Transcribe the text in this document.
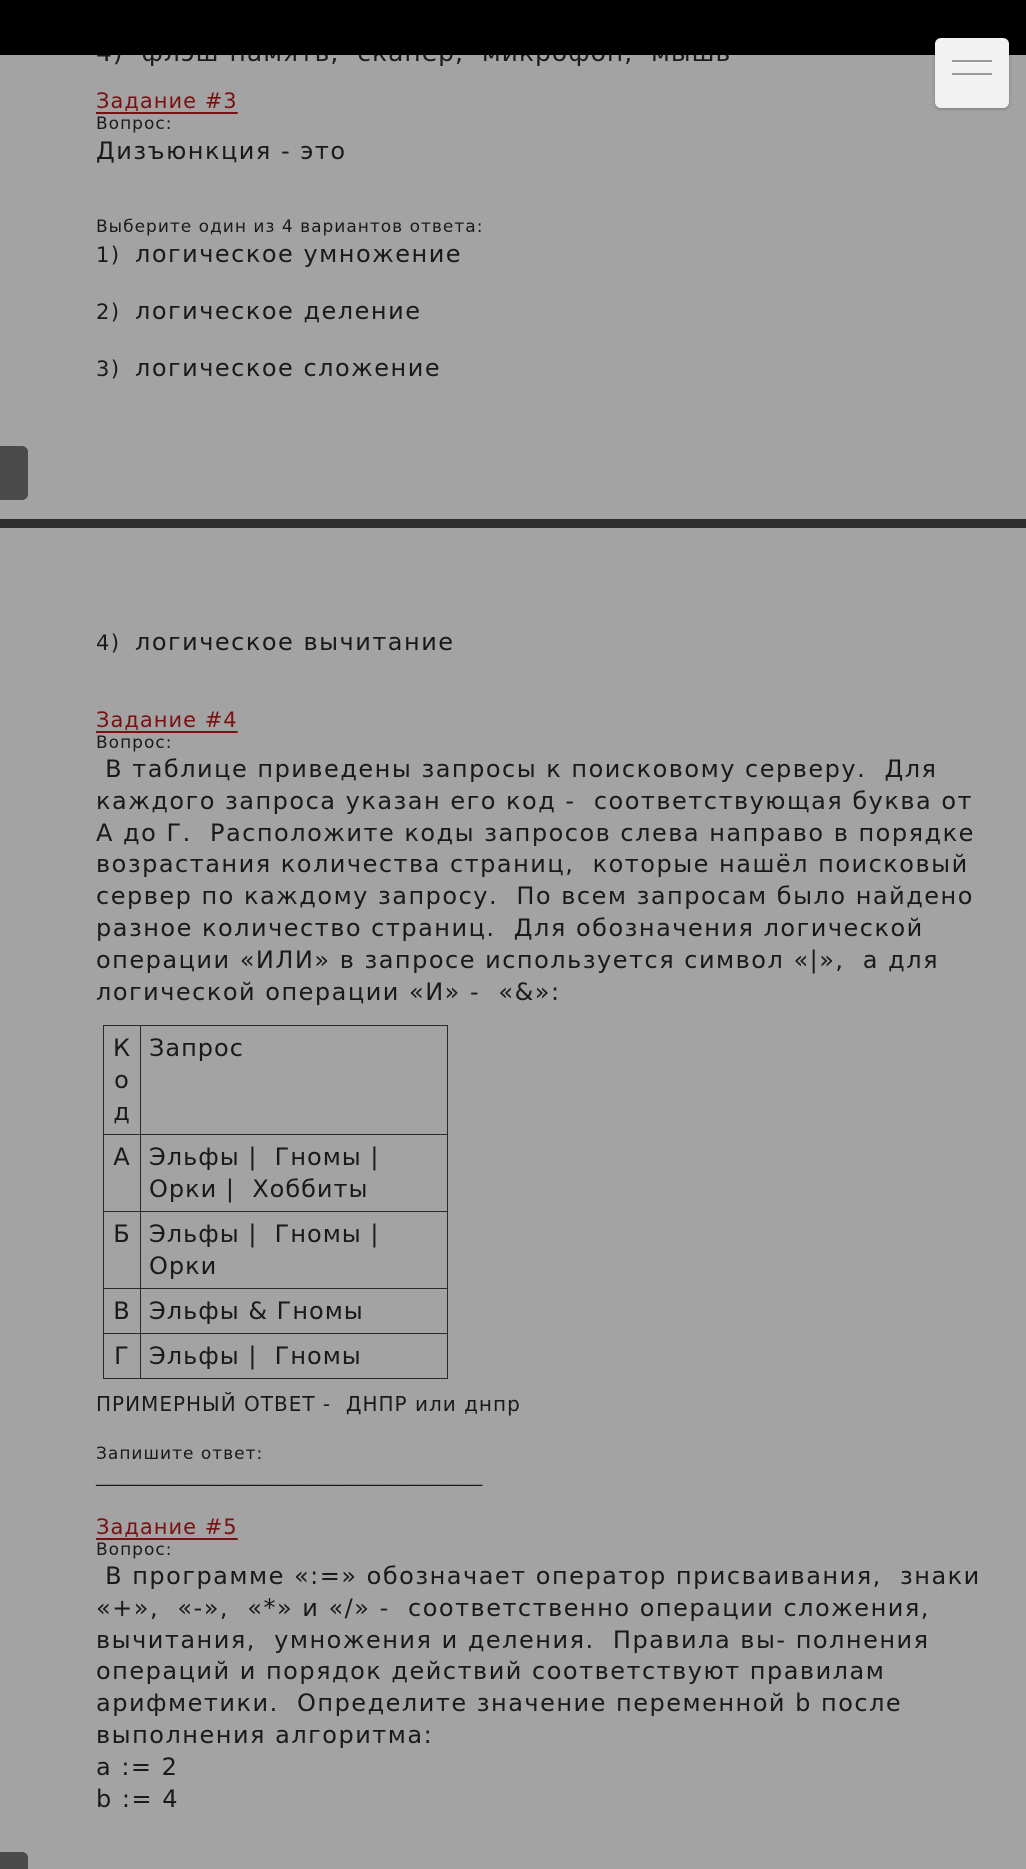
Задание #3
Вопрос:
Дизъюнкция - это
Выберите один из 4 вариантов ответа:
1) логическое умножение
2) логическое деление
3) логическое сложение
4) логическое вычитание
Задание #4
Вопрос:
В таблице приведены запросы к поисковому серверу.  Для
каждого запроса указан его код -  соответствующая буква от
А до Г.  Расположите коды запросов слева направо в порядке
возрастания количества страниц,  которые нашёл поисковый
сервер по каждому запросу.  По всем запросам было найдено
разное количество страниц.  Для обозначения логической
операции «ИЛИ» в запросе используется символ «|»,  а для
логической операции «И» -  «&»:
К
о
д	Запрос
А	Эльфы |  Гномы |
Орки |  Хоббиты

Б	Эльфы |  Гномы |
Орки

В	Эльфы & Гномы

Г	Эльфы |  Гномы
ПРИМЕРНЫЙ ОТВЕТ -  ДНПР или днпр
Запишите ответ:
__________________________________________
Задание #5
Вопрос:
В программе «:=» обозначает оператор присваивания,  знаки
«+»,  «-»,  «*» и «/» -  соответственно операции сложения,
вычитания,  умножения и деления.  Правила вы- полнения
операций и порядок действий соответствуют правилам
арифметики.  Определите значение переменной b после
выполнения алгоритма:
a := 2
b := 4
